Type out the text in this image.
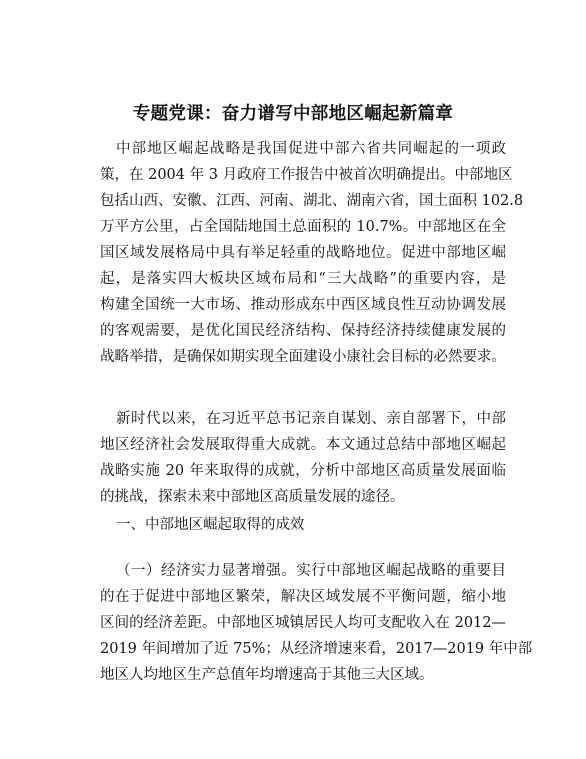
专题党课：奋力谱写中部地区崛起新篇章
中部地区崛起战略是我国促进中部六省共同崛起的一项政
策，在 2004 年 3 月政府工作报告中被首次明确提出。中部地区
包括山西、安徽、江西、河南、湖北、湖南六省，国土面积 102.8
万平方公里，占全国陆地国土总面积的 10.7%。中部地区在全
国区域发展格局中具有举足轻重的战略地位。促进中部地区崛
起，是落实四大板块区域布局和“三大战略”的重要内容，是
构建全国统一大市场、推动形成东中西区域良性互动协调发展
的客观需要，是优化国民经济结构、保持经济持续健康发展的
战略举措，是确保如期实现全面建设小康社会目标的必然要求。
新时代以来，在习近平总书记亲自谋划、亲自部署下，中部
地区经济社会发展取得重大成就。本文通过总结中部地区崛起
战略实施 20 年来取得的成就，分析中部地区高质量发展面临
的挑战，探索未来中部地区高质量发展的途径。
一、中部地区崛起取得的成效
（一）经济实力显著增强。实行中部地区崛起战略的重要目
的在于促进中部地区繁荣，解决区域发展不平衡问题，缩小地
区间的经济差距。中部地区城镇居民人均可支配收入在 2012—
2019 年间增加了近 75%；从经济增速来看，2017—2019 年中部
地区人均地区生产总值年均增速高于其他三大区域。
